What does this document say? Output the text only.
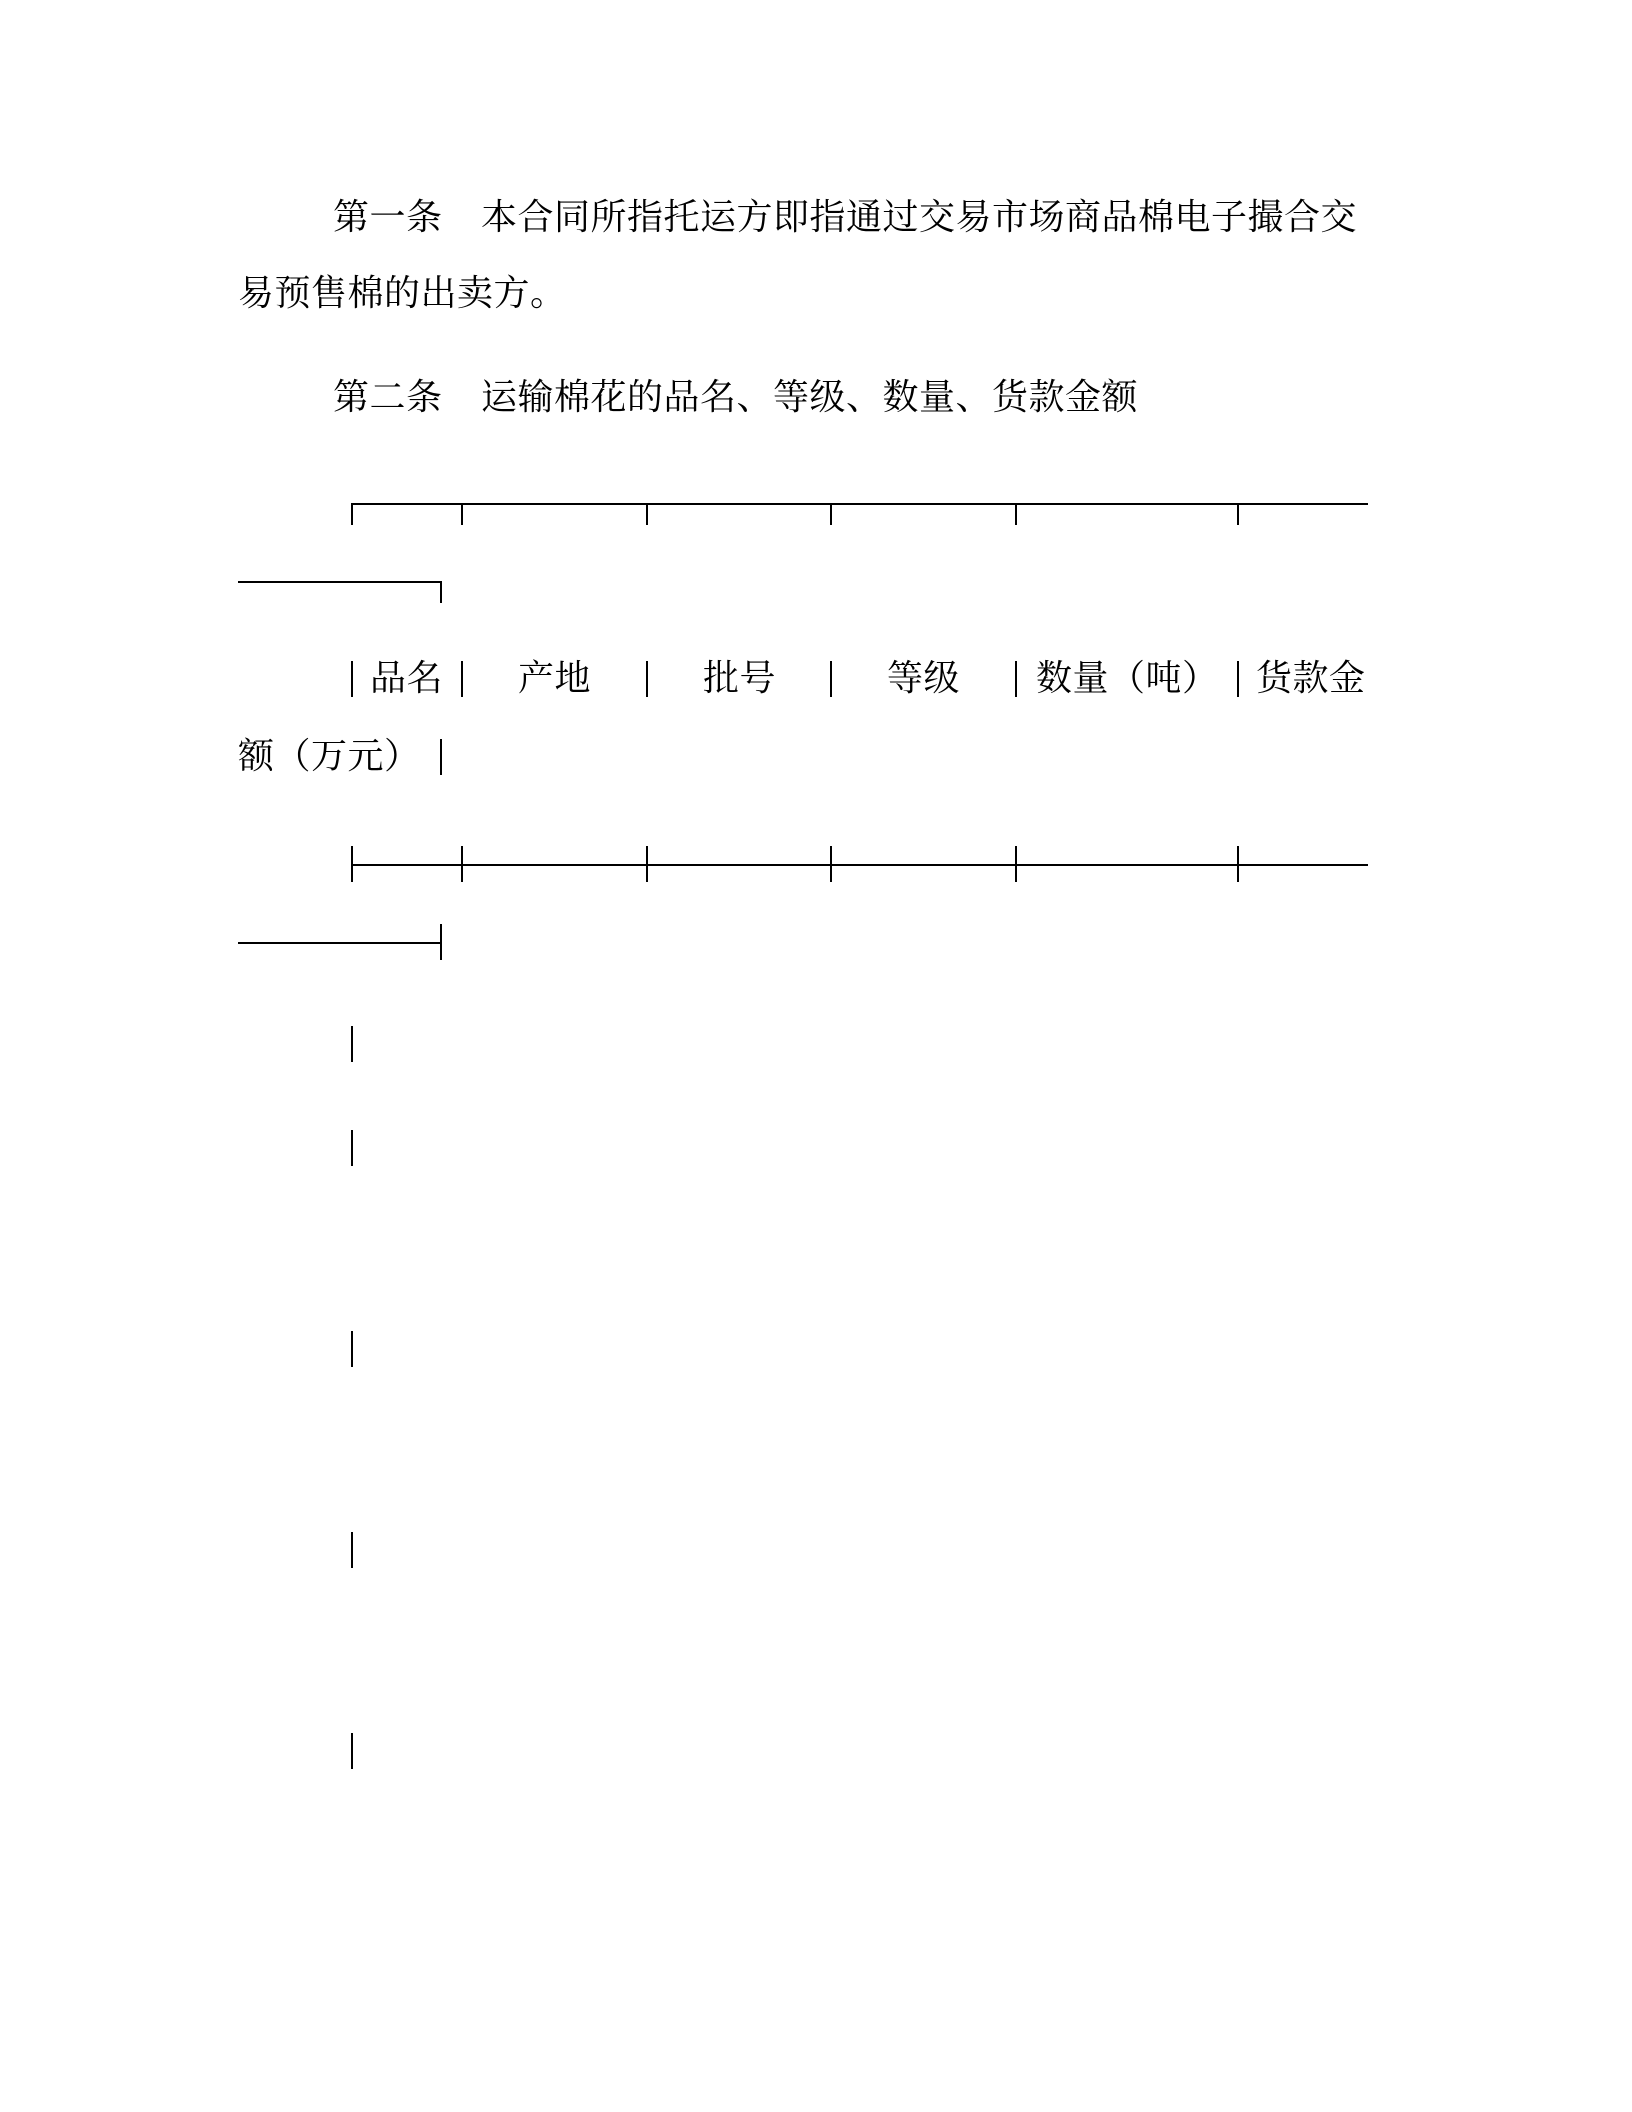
第一条 本合同所指托运方即指通过交易市场商品棉电子撮合交
易预售棉的出卖方。
第二条 运输棉花的品名、等级、数量、货款金额
品名 产地	批号	等级 数量（吨） 货款金
额（万元）
